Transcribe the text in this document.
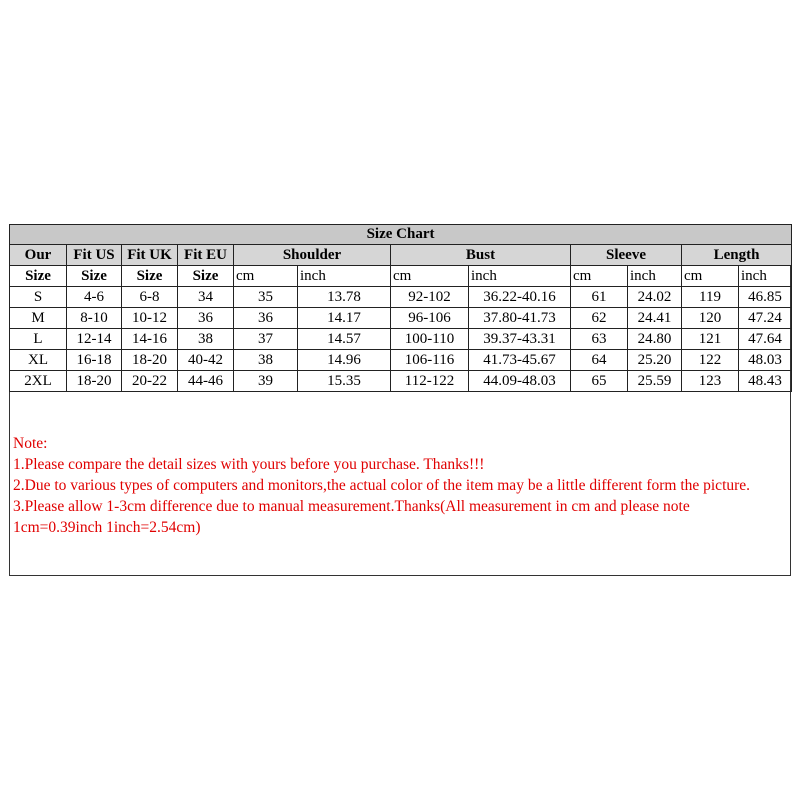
Size Chart											
Our	Fit US	Fit UK	Fit EU	Shoulder		Bust		Sleeve		Length	
Size	Size	Size	Size	cm	inch	cm	inch	cm	inch	cm	inch
S	4-6	6-8	34	35	13.78	92-102	36.22-40.16	61	24.02	119	46.85
M	8-10	10-12	36	36	14.17	96-106	37.80-41.73	62	24.41	120	47.24
L	12-14	14-16	38	37	14.57	100-110	39.37-43.31	63	24.80	121	47.64
XL	16-18	18-20	40-42	38	14.96	106-116	41.73-45.67	64	25.20	122	48.03
2XL	18-20	20-22	44-46	39	15.35	112-122	44.09-48.03	65	25.59	123	48.43
Note:
1.Please compare the detail sizes with yours before you purchase. Thanks!!!
2.Due to various types of computers and monitors,the actual color of the item may be a little different form the picture.
3.Please allow 1-3cm difference due to manual measurement.Thanks(All measurement in cm and please note
1cm=0.39inch 1inch=2.54cm)
